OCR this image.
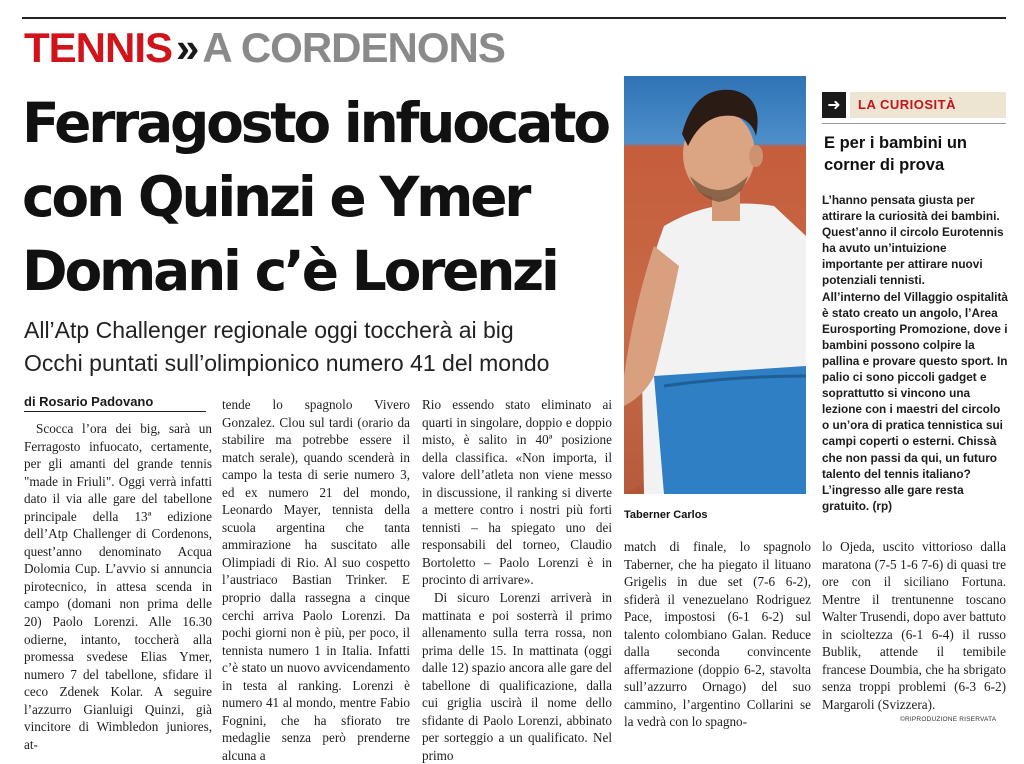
TENNIS»A CORDENONS
Ferragosto infuocato
con Quinzi e Ymer
Domani c’è Lorenzi
All’Atp Challenger regionale oggi toccherà ai big
Occhi puntati sull’olimpionico numero 41 del mondo
di Rosario Padovano

Scocca l’ora dei big, sarà un Ferragosto infuocato, certamente, per gli amanti del grande tennis "made in Friuli". Oggi verrà infatti dato il via alle gare del tabellone principale della 13ª edizione dell’Atp Challenger di Cordenons, quest’anno denominato Acqua Dolomia Cup. L’avvio si annuncia pirotecnico, in attesa scenda in campo (domani non prima delle 20) Paolo Lorenzi. Alle 16.30 odierne, intanto, toccherà alla promessa svedese Elias Ymer, numero 7 del tabellone, sfidare il ceco Zdenek Kolar. A seguire l’azzurro Gianluigi Quinzi, già vincitore di Wimbledon juniores, at-

tende lo spagnolo Vivero Gonzalez. Clou sul tardi (orario da stabilire ma potrebbe essere il match serale), quando scenderà in campo la testa di serie numero 3, ed ex numero 21 del mondo, Leonardo Mayer, tennista della scuola argentina che tanta ammirazione ha suscitato alle Olimpiadi di Rio. Al suo cospetto l’austriaco Bastian Trinker. E proprio dalla rassegna a cinque cerchi arriva Paolo Lorenzi. Da pochi giorni non è più, per poco, il tennista numero 1 in Italia. Infatti c’è stato un nuovo avvicendamento in testa al ranking. Lorenzi è numero 41 al mondo, mentre Fabio Fognini, che ha sfiorato tre medaglie senza però prenderne alcuna a

Rio essendo stato eliminato ai quarti in singolare, doppio e doppio misto, è salito in 40ª posizione della classifica. «Non importa, il valore dell’atleta non viene messo in discussione, il ranking si diverte a mettere contro i nostri più forti tennisti – ha spiegato uno dei responsabili del torneo, Claudio Bortoletto – Paolo Lorenzi è in procinto di arrivare».

Di sicuro Lorenzi arriverà in mattinata e poi sosterrà il primo allenamento sulla terra rossa, non prima delle 15. In mattinata (oggi dalle 12) spazio ancora alle gare del tabellone di qualificazione, dalla cui griglia uscirà il nome dello sfidante di Paolo Lorenzi, abbinato per sorteggio a un qualificato. Nel primo

match di finale, lo spagnolo Taberner, che ha piegato il lituano Grigelis in due set (7-6 6-2), sfiderà il venezuelano Rodriguez Pace, impostosi (6-1 6-2) sul talento colombiano Galan. Reduce dalla seconda convincente affermazione (doppio 6-2, stavolta sull’azzurro Ornago) del suo cammino, l’argentino Collarini se la vedrà con lo spagno-

lo Ojeda, uscito vittorioso dalla maratona (7-5 1-6 7-6) di quasi tre ore con il siciliano Fortuna. Mentre il trentunenne toscano Walter Trusendi, dopo aver battuto in scioltezza (6-1 6-4) il russo Bublik, attende il temibile francese Doumbia, che ha sbrigato senza troppi problemi (6-3 6-2) Margaroli (Svizzera).

Taberner Carlos
➜	LA CURIOSITÀ
E per i bambini un corner di prova

L’hanno pensata giusta per attirare la curiosità dei bambini. Quest’anno il circolo Eurotennis ha avuto un’intuizione importante per attirare nuovi potenziali tennisti.

All’interno del Villaggio ospitalità è stato creato un angolo, l’Area Eurosporting Promozione, dove i bambini possono colpire la pallina e provare questo sport. In palio ci sono piccoli gadget e soprattutto si vincono una lezione con i maestri del circolo o un’ora di pratica tennistica sui campi coperti o esterni. Chissà che non passi da qui, un futuro talento del tennis italiano?

L’ingresso alle gare resta gratuito. (rp)

©RIPRODUZIONE RISERVATA
